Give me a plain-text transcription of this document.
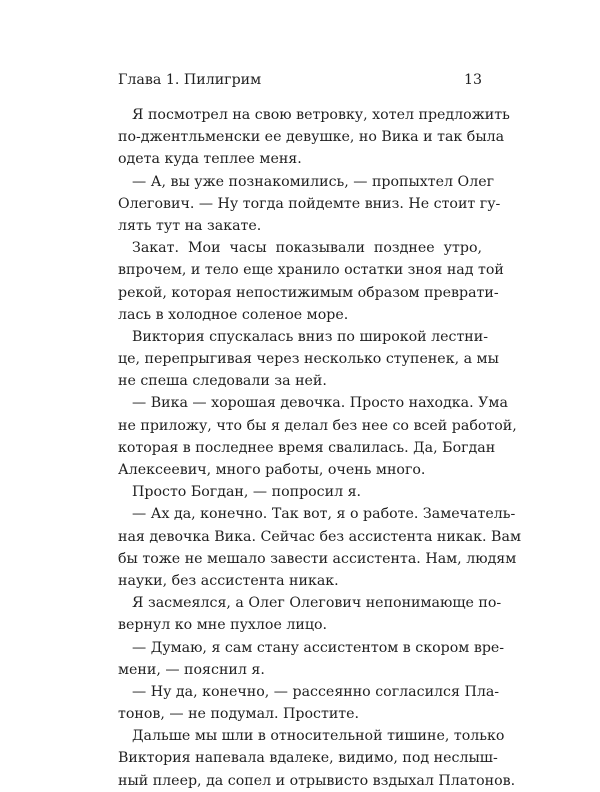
Глава 1. Пилигрим	13
Я посмотрел на свою ветровку, хотел предложить
по-джентльменски ее девушке, но Вика и так была
одета куда теплее меня.
— А, вы уже познакомились, — пропыхтел Олег
Олегович. — Ну тогда пойдемте вниз. Не стоит гу-
лять тут на закате.
Закат. Мои часы показывали позднее утро,
впрочем, и тело еще хранило остатки зноя над той
рекой, которая непостижимым образом преврати-
лась в холодное соленое море.
Виктория спускалась вниз по широкой лестни-
це, перепрыгивая через несколько ступенек, а мы
не спеша следовали за ней.
— Вика — хорошая девочка. Просто находка. Ума
не приложу, что бы я делал без нее со всей работой,
которая в последнее время свалилась. Да, Богдан
Алексеевич, много работы, очень много.
Просто Богдан, — попросил я.
— Ах да, конечно. Так вот, я о работе. Замечатель-
ная девочка Вика. Сейчас без ассистента никак. Вам
бы тоже не мешало завести ассистента. Нам, людям
науки, без ассистента никак.
Я засмеялся, а Олег Олегович непонимающе по-
вернул ко мне пухлое лицо.
— Думаю, я сам стану ассистентом в скором вре-
мени, — пояснил я.
— Ну да, конечно, — рассеянно согласился Пла-
тонов, — не подумал. Простите.
Дальше мы шли в относительной тишине, только
Виктория напевала вдалеке, видимо, под неслыш-
ный плеер, да сопел и отрывисто вздыхал Платонов.
